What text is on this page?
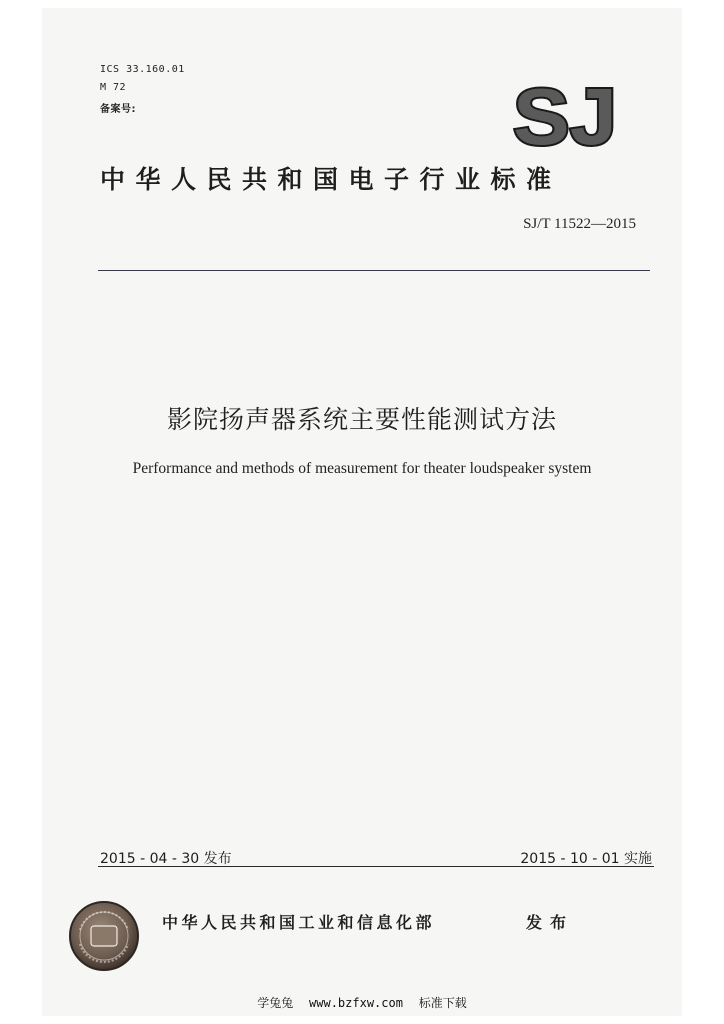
ICS 33.160.01
M 72
备案号:	SJ
中华人民共和国电子行业标准
SJ/T 11522—2015
影院扬声器系统主要性能测试方法
Performance and methods of measurement for theater loudspeaker system
2015 - 04 - 30 发布	2015 - 10 - 01 实施
中华人民共和国工业和信息化部	发布
学兔兔 www.bzfxw.com 标准下载
